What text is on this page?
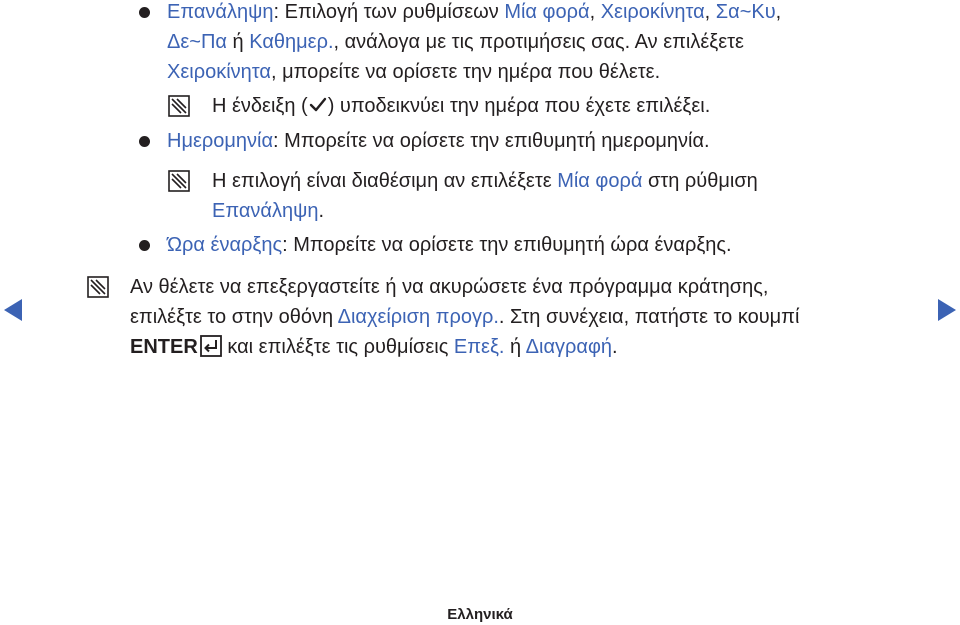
Επανάληψη: Επιλογή των ρυθμίσεων Μία φορά, Χειροκίνητα, Σα~Κυ,
Δε~Πα ή Καθημερ., ανάλογα με τις προτιμήσεις σας. Αν επιλέξετε
Χειροκίνητα, μπορείτε να ορίσετε την ημέρα που θέλετε.
Η ένδειξη ( ) υποδεικνύει την ημέρα που έχετε επιλέξει.
Ημερομηνία: Μπορείτε να ορίσετε την επιθυμητή ημερομηνία.
Η επιλογή είναι διαθέσιμη αν επιλέξετε Μία φορά στη ρύθμιση
Επανάληψη.
Ώρα έναρξης: Μπορείτε να ορίσετε την επιθυμητή ώρα έναρξης.
Αν θέλετε να επεξεργαστείτε ή να ακυρώσετε ένα πρόγραμμα κράτησης,
επιλέξτε το στην οθόνη Διαχείριση προγρ.. Στη συνέχεια, πατήστε το κουμπί
ENTER και επιλέξτε τις ρυθμίσεις Επεξ. ή Διαγραφή.
Ελληνικά
